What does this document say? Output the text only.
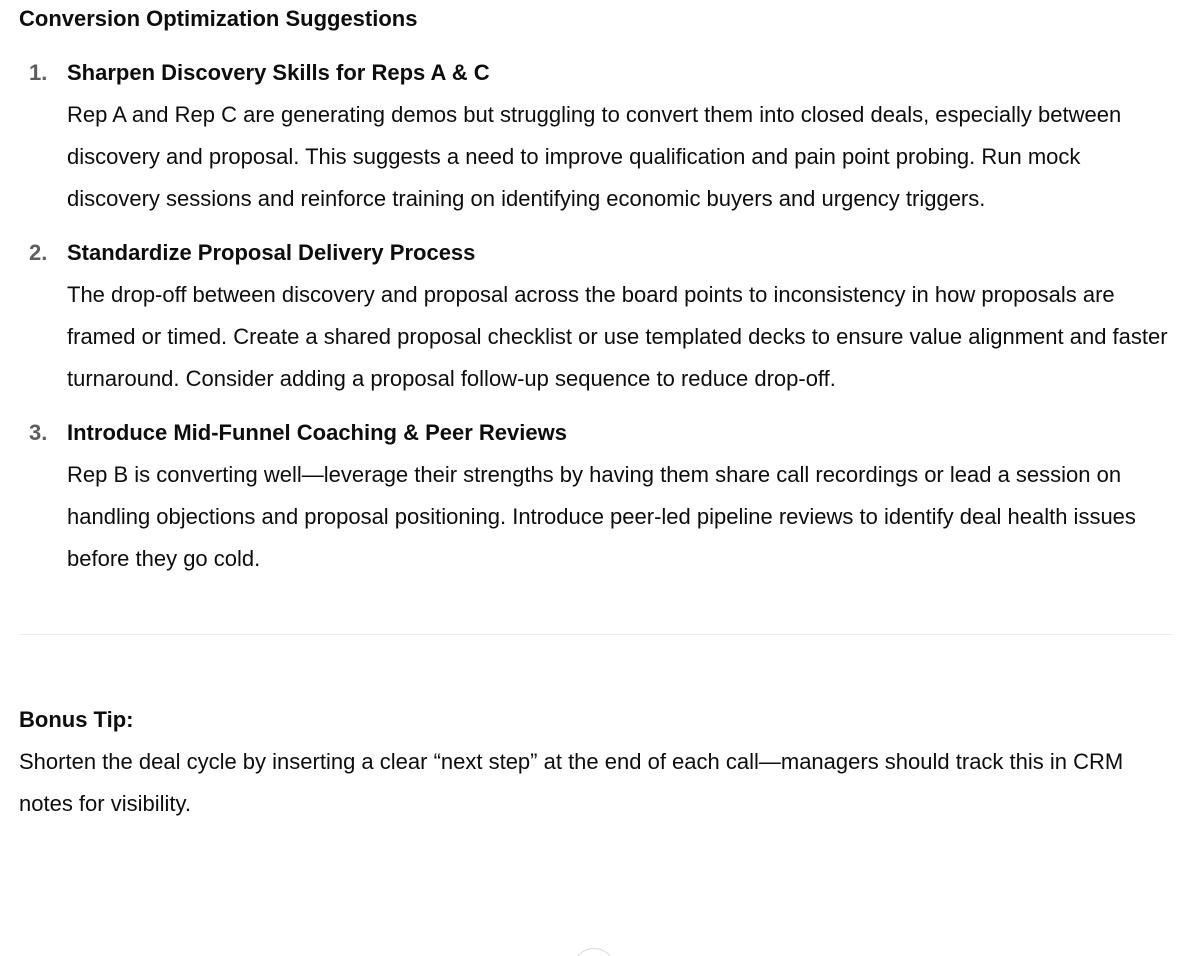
Conversion Optimization Suggestions
1. Sharpen Discovery Skills for Reps A & C
Rep A and Rep C are generating demos but struggling to convert them into closed deals, especially between discovery and proposal. This suggests a need to improve qualification and pain point probing. Run mock discovery sessions and reinforce training on identifying economic buyers and urgency triggers.
2. Standardize Proposal Delivery Process
The drop-off between discovery and proposal across the board points to inconsistency in how proposals are framed or timed. Create a shared proposal checklist or use templated decks to ensure value alignment and faster turnaround. Consider adding a proposal follow-up sequence to reduce drop-off.
3. Introduce Mid-Funnel Coaching & Peer Reviews
Rep B is converting well—leverage their strengths by having them share call recordings or lead a session on handling objections and proposal positioning. Introduce peer-led pipeline reviews to identify deal health issues before they go cold.
Bonus Tip:
Shorten the deal cycle by inserting a clear “next step” at the end of each call—managers should track this in CRM notes for visibility.
